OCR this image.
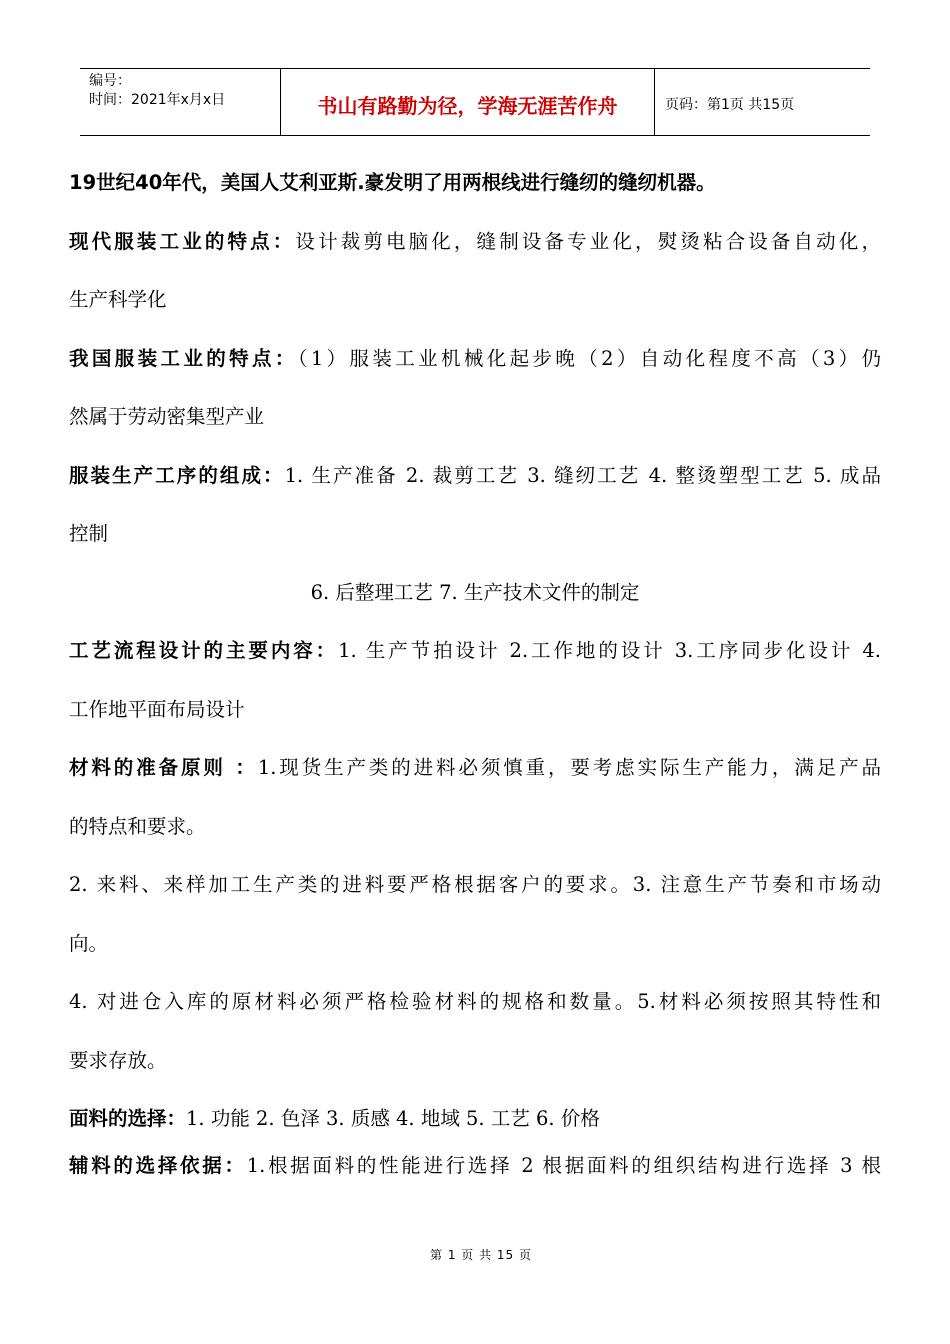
编号：
时间：2021年x月x日	书山有路勤为径，学海无涯苦作舟	页码：第1页 共15页
19世纪40年代，美国人艾利亚斯.豪发明了用两根线进行缝纫的缝纫机器。
现代服装工业的特点：设计裁剪电脑化，缝制设备专业化，熨烫粘合设备自动化，
生产科学化
我国服装工业的特点：（1）服装工业机械化起步晚（2）自动化程度不高（3）仍
然属于劳动密集型产业
服装生产工序的组成：1. 生产准备 2. 裁剪工艺 3. 缝纫工艺 4. 整烫塑型工艺 5. 成品
控制
6. 后整理工艺 7. 生产技术文件的制定
工艺流程设计的主要内容：1. 生产节拍设计 2.工作地的设计 3.工序同步化设计 4.
工作地平面布局设计
材料的准备原则 ：1.现货生产类的进料必须慎重，要考虑实际生产能力，满足产品
的特点和要求。
2. 来料、来样加工生产类的进料要严格根据客户的要求。3. 注意生产节奏和市场动
向。
4. 对进仓入库的原材料必须严格检验材料的规格和数量。5.材料必须按照其特性和
要求存放。
面料的选择：1. 功能 2. 色泽 3. 质感 4. 地域 5. 工艺 6. 价格
辅料的选择依据：1.根据面料的性能进行选择 2 根据面料的组织结构进行选择 3 根
第 1 页 共 15 页
